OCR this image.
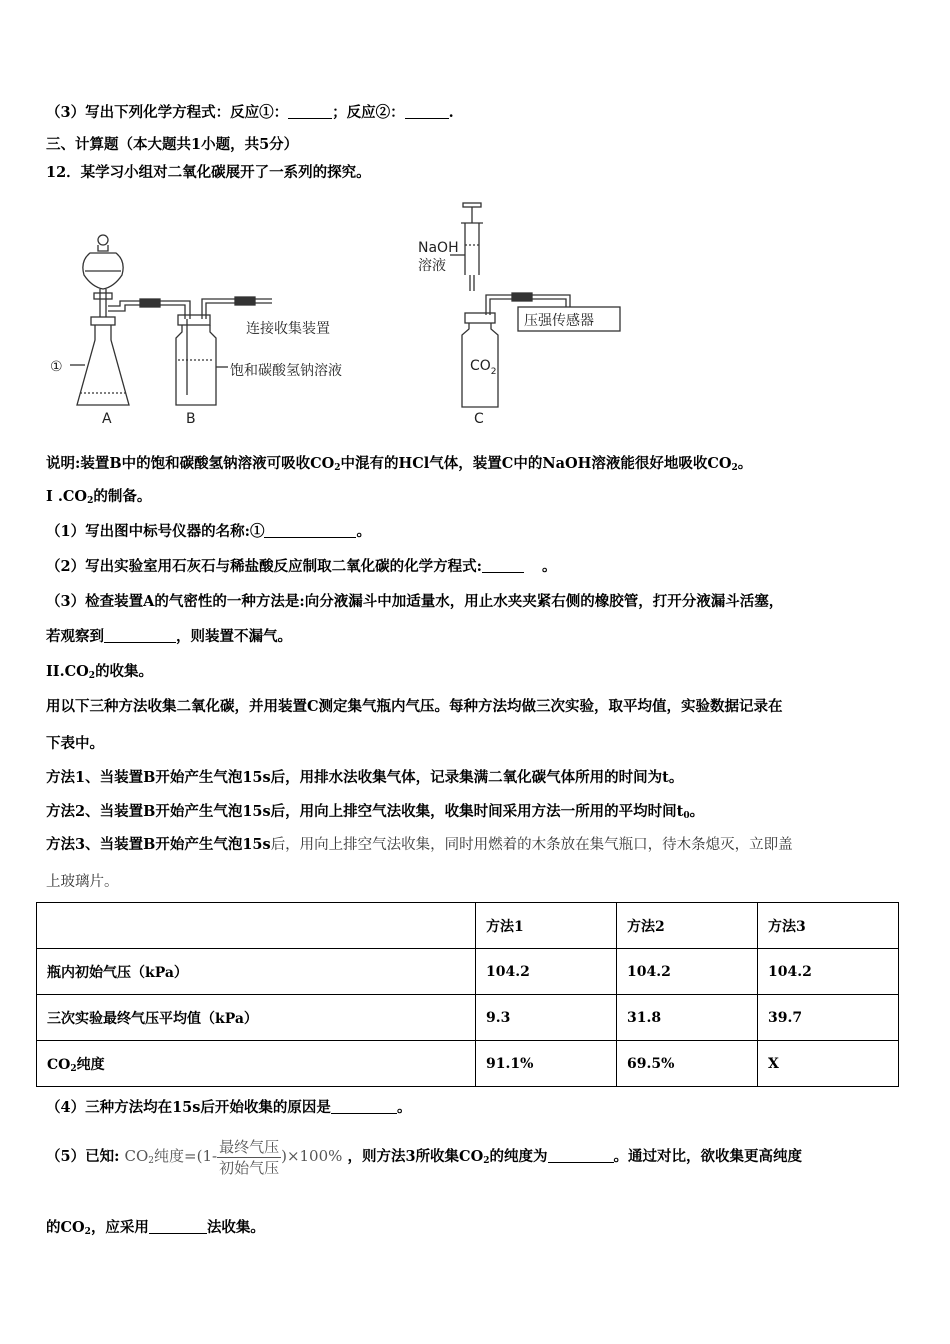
（3）写出下列化学方程式：反应①：	；反应②：	.
三、计算题（本大题共1小题，共5分）
12．某学习小组对二氧化碳展开了一系列的探究。
①
A	B	C
连接收集装置
饱和碳酸氢钠溶液
NaOH
溶液
$CO_2$
压强传感器
说明:装置B中的饱和碳酸氢钠溶液可吸收$CO_2$中混有的HCl气体，装置C中的NaOH溶液能很好地吸收$CO_2$。
I $.CO_2$的制备。
（1）写出图中标号仪器的名称:①	。
（2）写出实验室用石灰石与稀盐酸反应制取二氧化碳的化学方程式:	。
（3）检查装置A的气密性的一种方法是:向分液漏斗中加适量水，用止水夹夹紧右侧的橡胶管，打开分液漏斗活塞，
若观察到	，则装置不漏气。
$II.CO_2$的收集。
用以下三种方法收集二氧化碳，并用装置C测定集气瓶内气压。每种方法均做三次实验，取平均值，实验数据记录在
下表中。
方法1、当装置B开始产生气泡15s后，用排水法收集气体，记录集满二氧化碳气体所用的时间为t。
方法2、当装置B开始产生气泡15s后，用向上排空气法收集，收集时间采用方法一所用的平均时间$t_0$。
方法3、当装置B开始产生气泡15s后，用向上排空气法收集，同时用燃着的木条放在集气瓶口，待木条熄灭，立即盖
上玻璃片。
	方法1	方法2	方法3
瓶内初始气压（kPa）	104.2	104.2	104.2
三次实验最终气压平均值（kPa）	9.3	31.8	39.7
$CO_2$纯度	91.1%	69.5%	X
（4）三种方法均在15s后开始收集的原因是	。
（5）已知: $CO_2$纯度$=(1- \frac{\text{最终气压}}{\text{初始气压}} )\times 100\%$ ，则方法3所收集$CO_2$的纯度为	。通过对比，欲收集更高纯度
的$CO_2$，应采用	法收集。
